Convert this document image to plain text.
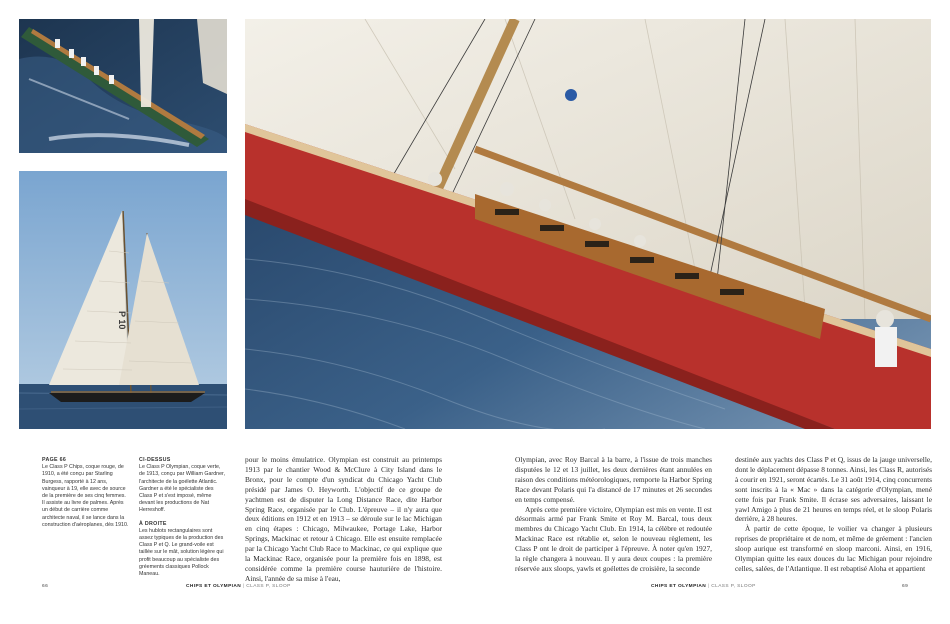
P 10
PAGE 66
Le Class P Chips, coque rouge, de 1910, a été conçu par Starling Burgess, rapporté à 12 ans, vainqueur à 19, elle avec de source de la première de ses cinq femmes. Il assiste au livre de palmes. Après un début de carrière comme architecte naval, il se lance dans la construction d'aéroplanes, dès 1910.
CI-DESSUS
Le Class P Olympian, coque verte, de 1913, conçu par William Gardner, l'architecte de la goélette Atlantic. Gardner a été le spécialiste des Class P et s'est imposé, même devant les productions de Nat Herreshoff.
À DROITE
Les hublots rectangulaires sont assez typiques de la production des Class P et Q. Le grand-voile est taillée sur le mât, solution légère qui profit beaucoup au spécialiste des gréements classiques Pollock Maneau.

pour le moins émulatrice. Olympian est construit au printemps 1913 par le chantier Wood & McClure à City Island dans le Bronx, pour le compte d'un syndicat du Chicago Yacht Club présidé par James O. Heyworth. L'objectif de ce groupe de yachtmen est de disputer la Long Distance Race, dite Harbor Spring Race, organisée par le Club. L'épreuve – il n'y aura que deux éditions en 1912 et en 1913 – se déroule sur le lac Michigan en cinq étapes : Chicago, Milwaukee, Portage Lake, Harbor Springs, Mackinac et retour à Chicago. Elle est ensuite remplacée par la Chicago Yacht Club Race to Mackinac, ce qui explique que la Mackinac Race, organisée pour la première fois en 1898, est considérée comme la première course hauturière de l'histoire. Ainsi, l'année de sa mise à l'eau,

Olympian, avec Roy Barcal à la barre, à l'issue de trois manches disputées le 12 et 13 juillet, les deux dernières étant annulées en raison des conditions météorologiques, remporte la Harbor Spring Race devant Polaris qui l'a distancé de 17 minutes et 26 secondes en temps compensé.

Après cette première victoire, Olympian est mis en vente. Il est désormais armé par Frank Smite et Roy M. Barcal, tous deux membres du Chicago Yacht Club. En 1914, la célèbre et redoutée Mackinac Race est rétablie et, selon le nouveau règlement, les Class P ont le droit de participer à l'épreuve. À noter qu'en 1927, la règle changera à nouveau. Il y aura deux coupes : la première réservée aux sloops, yawls et goélettes de croisière, la seconde

destinée aux yachts des Class P et Q, issus de la jauge universelle, dont le déplacement dépasse 8 tonnes. Ainsi, les Class R, autorisés à courir en 1921, seront écartés. Le 31 août 1914, cinq concurrents sont inscrits à la « Mac » dans la catégorie d'Olympian, mené cette fois par Frank Smite. Il écrase ses adversaires, laissant le yawl Amigo à plus de 21 heures en temps réel, et le sloop Polaris derrière, à 28 heures.

À partir de cette époque, le voilier va changer à plusieurs reprises de propriétaire et de nom, et même de gréement : l'ancien sloop aurique est transformé en sloop marconi. Ainsi, en 1916, Olympian quitte les eaux douces du lac Michigan pour rejoindre celles, salées, de l'Atlantique. Il est rebaptisé Aloha et appartient

66	CHIPS ET OLYMPIAN | CLASS P, SLOOP	CHIPS ET OLYMPIAN | CLASS P, SLOOP	69
